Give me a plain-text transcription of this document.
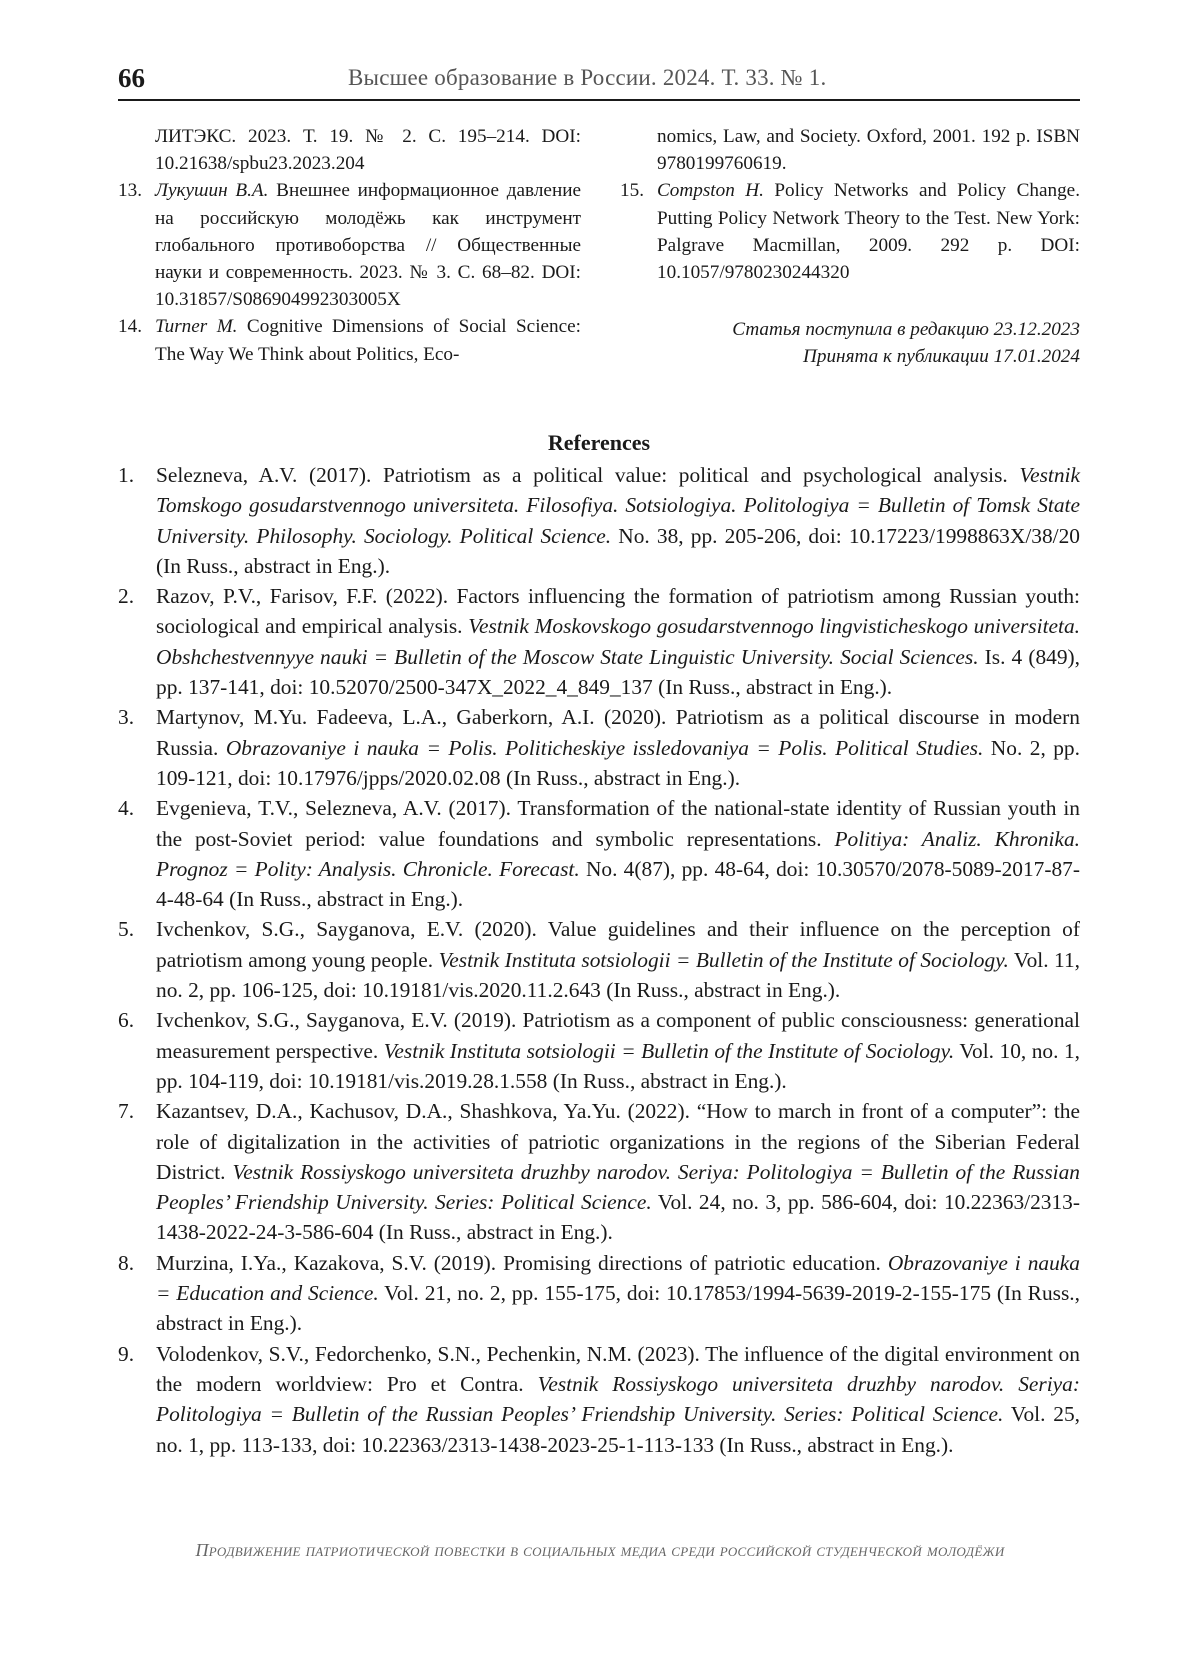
66	Высшее образование в России. 2024. Т. 33. № 1.
ЛИТЭКС. 2023. Т. 19. № 2. С. 195–214. DOI: 10.21638/spbu23.2023.204
13. Лукушин В.А. Внешнее информационное давление на российскую молодёжь как инструмент глобального противоборства // Общественные науки и современность. 2023. № 3. С. 68–82. DOI: 10.31857/S086904992303005X
14. Turner M. Cognitive Dimensions of Social Science: The Way We Think about Politics, Eco-
nomics, Law, and Society. Oxford, 2001. 192 p. ISBN 9780199760619.
15. Compston H. Policy Networks and Policy Change. Putting Policy Network Theory to the Test. New York: Palgrave Macmillan, 2009. 292 p. DOI: 10.1057/9780230244320
Статья поступила в редакцию 23.12.2023
Принята к публикации 17.01.2024
References

1. Selezneva, A.V. (2017). Patriotism as a political value: political and psychological analysis. Vestnik Tomskogo gosudarstvennogo universiteta. Filosofiya. Sotsiologiya. Politologiya = Bulletin of Tomsk State University. Philosophy. Sociology. Political Science. No. 38, pp. 205-206, doi: 10.17223/1998863X/38/20 (In Russ., abstract in Eng.).

2. Razov, P.V., Farisov, F.F. (2022). Factors influencing the formation of patriotism among Russian youth: sociological and empirical analysis. Vestnik Moskovskogo gosudarstvennogo lingvisticheskogo universiteta. Obshchestvennyye nauki = Bulletin of the Moscow State Linguistic University. Social Sciences. Is. 4 (849), pp. 137-141, doi: 10.52070/2500-347X_2022_4_849_137 (In Russ., abstract in Eng.).

3. Martynov, M.Yu. Fadeeva, L.A., Gaberkorn, A.I. (2020). Patriotism as a political discourse in modern Russia. Obrazovaniye i nauka = Polis. Politicheskiye issledovaniya = Polis. Political Studies. No. 2, pp. 109-121, doi: 10.17976/jpps/2020.02.08 (In Russ., abstract in Eng.).

4. Evgenieva, T.V., Selezneva, A.V. (2017). Transformation of the national-state identity of Russian youth in the post-Soviet period: value foundations and symbolic representations. Politiya: Analiz. Khronika. Prognoz = Polity: Analysis. Chronicle. Forecast. No. 4(87), pp. 48-64, doi: 10.30570/2078-5089-2017-87-4-48-64 (In Russ., abstract in Eng.).

5. Ivchenkov, S.G., Sayganova, E.V. (2020). Value guidelines and their influence on the perception of patriotism among young people. Vestnik Instituta sotsiologii = Bulletin of the Institute of Sociology. Vol. 11, no. 2, pp. 106-125, doi: 10.19181/vis.2020.11.2.643 (In Russ., abstract in Eng.).

6. Ivchenkov, S.G., Sayganova, E.V. (2019). Patriotism as a component of public consciousness: generational measurement perspective. Vestnik Instituta sotsiologii = Bulletin of the Institute of Sociology. Vol. 10, no. 1, pp. 104-119, doi: 10.19181/vis.2019.28.1.558 (In Russ., abstract in Eng.).

7. Kazantsev, D.A., Kachusov, D.A., Shashkova, Ya.Yu. (2022). “How to march in front of a computer”: the role of digitalization in the activities of patriotic organizations in the regions of the Siberian Federal District. Vestnik Rossiyskogo universiteta druzhby narodov. Seriya: Politologiya = Bulletin of the Russian Peoples’ Friendship University. Series: Political Science. Vol. 24, no. 3, pp. 586-604, doi: 10.22363/2313-1438-2022-24-3-586-604 (In Russ., abstract in Eng.).

8. Murzina, I.Ya., Kazakova, S.V. (2019). Promising directions of patriotic education. Obrazovaniye i nauka = Education and Science. Vol. 21, no. 2, pp. 155-175, doi: 10.17853/1994-5639-2019-2-155-175 (In Russ., abstract in Eng.).

9. Volodenkov, S.V., Fedorchenko, S.N., Pechenkin, N.M. (2023). The influence of the digital environment on the modern worldview: Pro et Contra. Vestnik Rossiyskogo universiteta druzhby narodov. Seriya: Politologiya = Bulletin of the Russian Peoples’ Friendship University. Series: Political Science. Vol. 25, no. 1, pp. 113-133, doi: 10.22363/2313-1438-2023-25-1-113-133 (In Russ., abstract in Eng.).

Продвижение патриотической повестки в социальных медиа среди российской студенческой молодёжи
